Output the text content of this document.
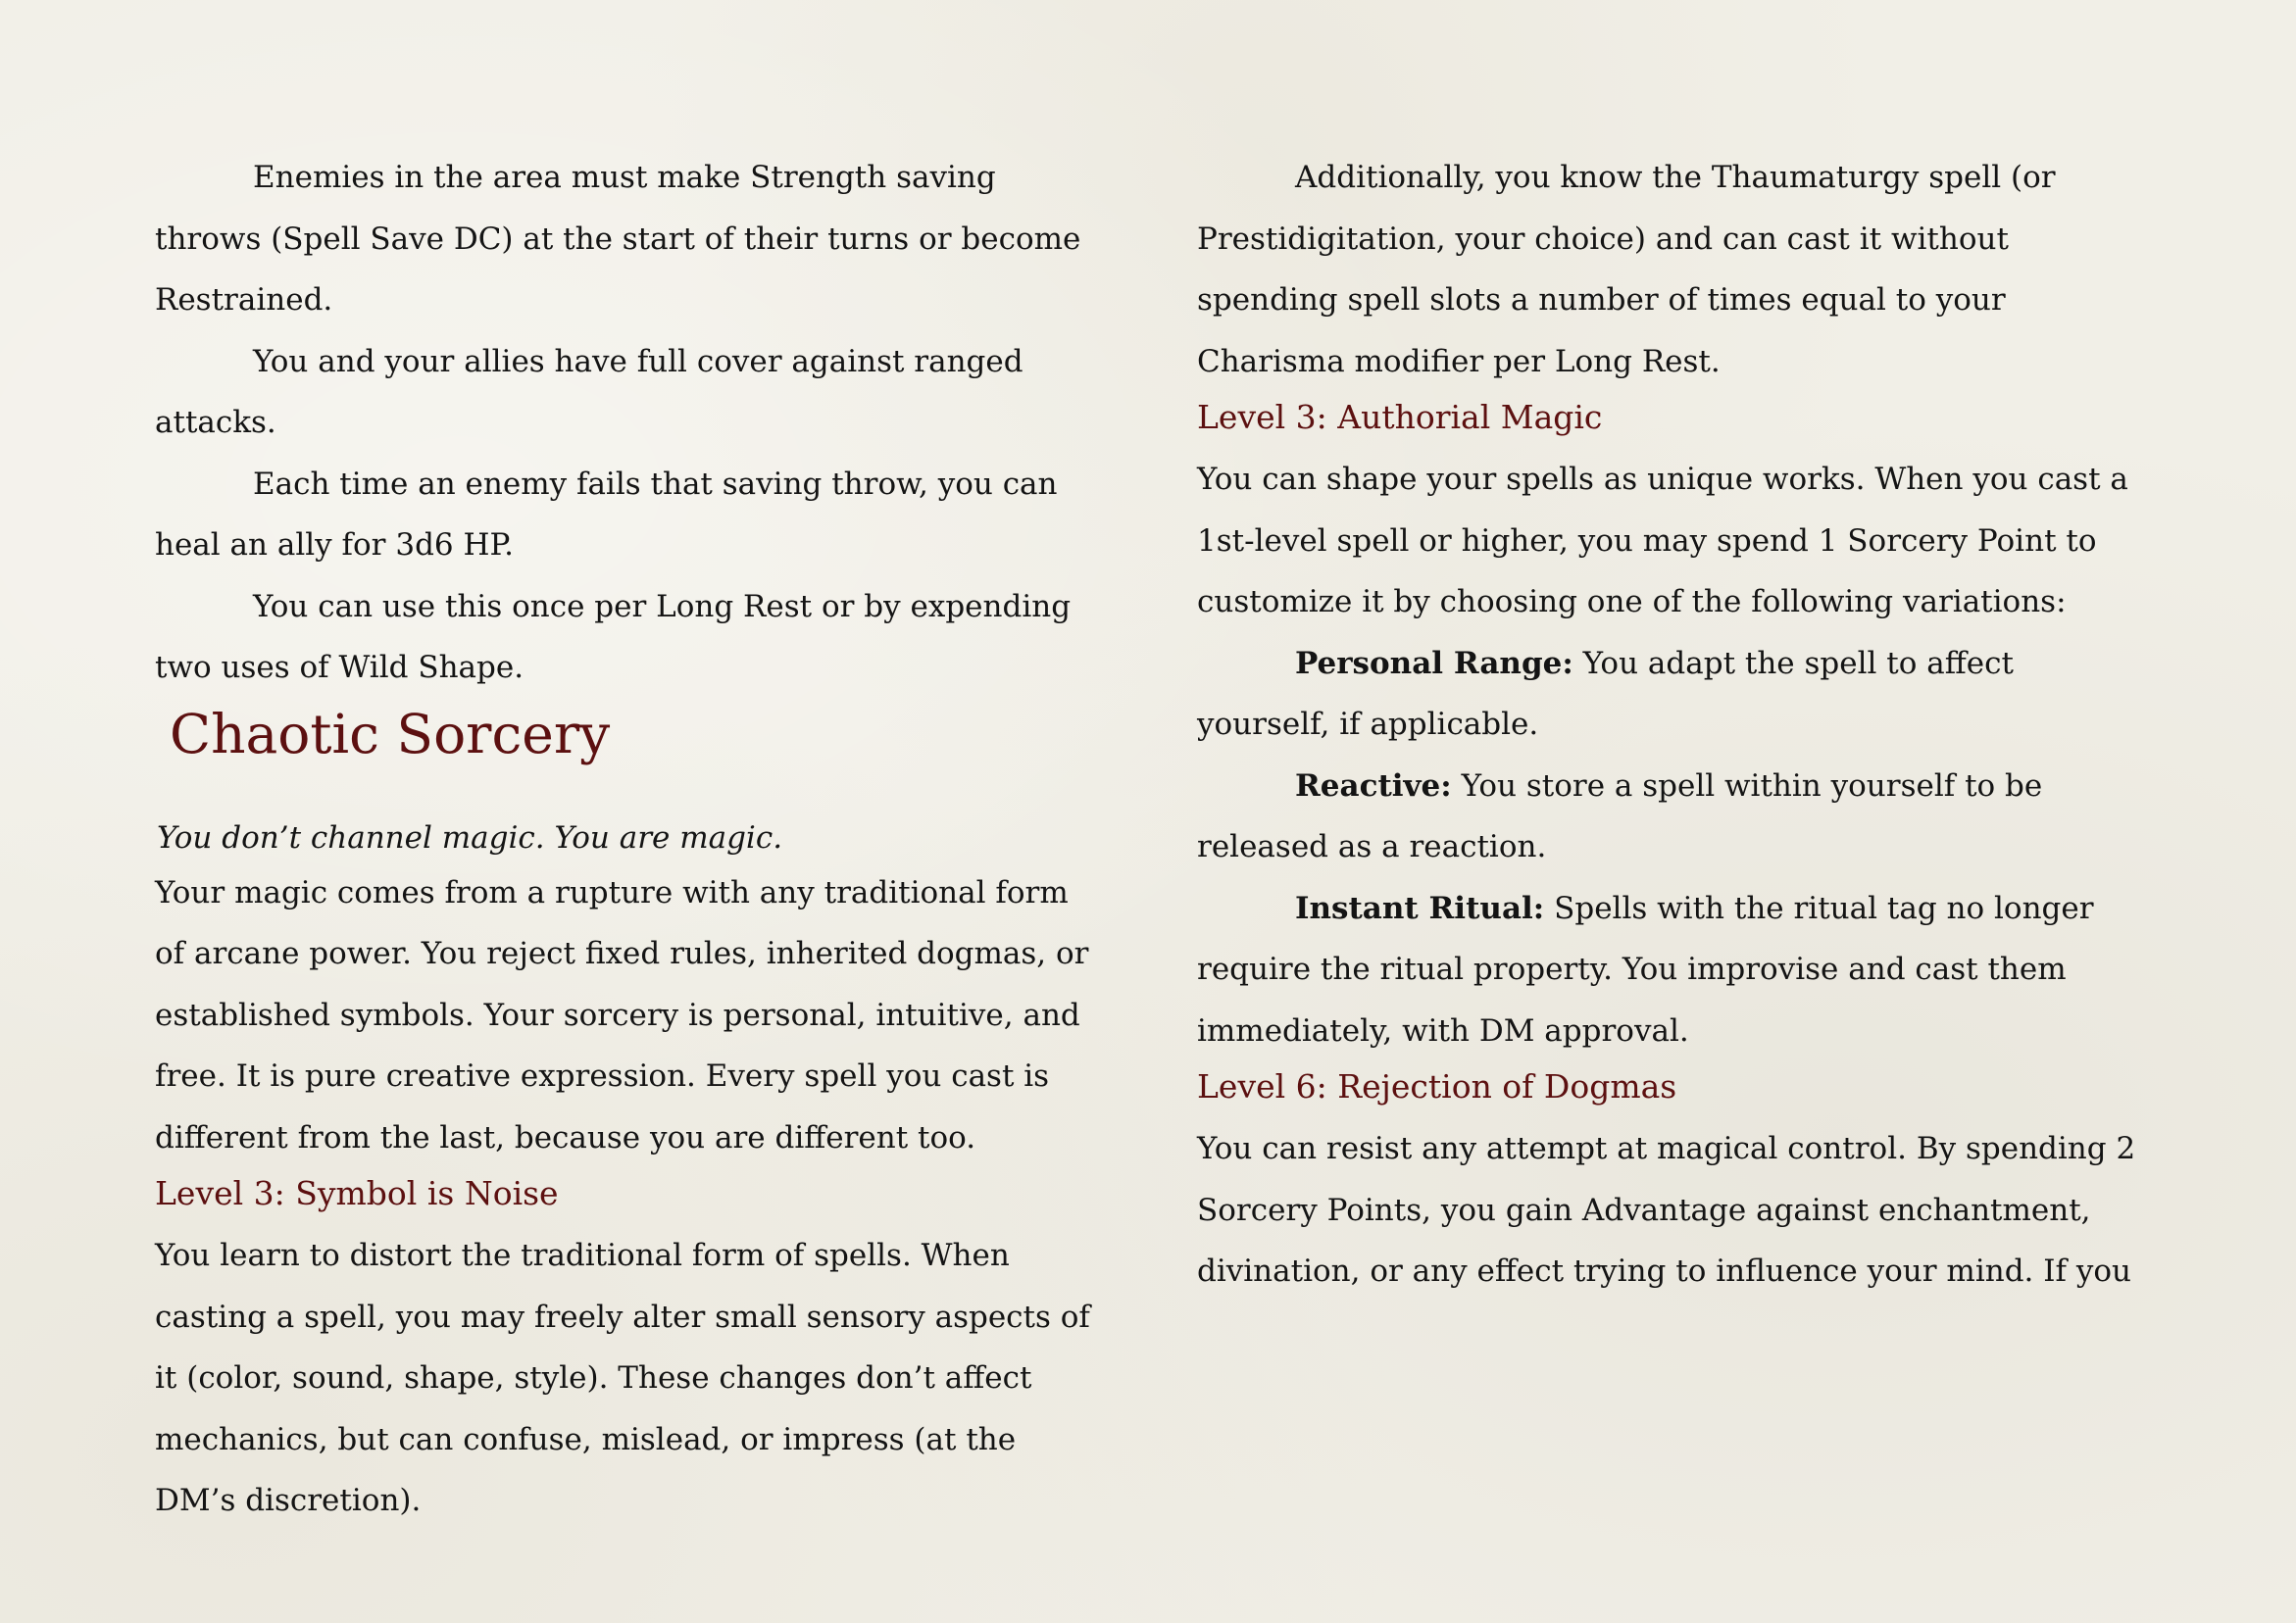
Enemies in the area must make Strength saving throws (Spell Save DC) at the start of their turns or become Restrained.

You and your allies have full cover against ranged attacks.

Each time an enemy fails that saving throw, you can heal an ally for 3d6 HP.

You can use this once per Long Rest or by expending two uses of Wild Shape.

Chaotic Sorcery
You don’t channel magic. You are magic.

Your magic comes from a rupture with any traditional form of arcane power. You reject fixed rules, inherited dogmas, or established symbols. Your sorcery is personal, intuitive, and free. It is pure creative expression. Every spell you cast is different from the last, because you are different too.

Level 3: Symbol is Noise

You learn to distort the traditional form of spells. When casting a spell, you may freely alter small sensory aspects of it (color, sound, shape, style). These changes don’t affect mechanics, but can confuse, mislead, or impress (at the DM’s discretion).

Additionally, you know the Thaumaturgy spell (or Prestidigitation, your choice) and can cast it without spending spell slots a number of times equal to your Charisma modifier per Long Rest.

Level 3: Authorial Magic

You can shape your spells as unique works. When you cast a 1st-level spell or higher, you may spend 1 Sorcery Point to customize it by choosing one of the following variations:

Personal Range: You adapt the spell to affect yourself, if applicable.

Reactive: You store a spell within yourself to be released as a reaction.

Instant Ritual: Spells with the ritual tag no longer require the ritual property. You improvise and cast them immediately, with DM approval.

Level 6: Rejection of Dogmas

You can resist any attempt at magical control. By spending 2 Sorcery Points, you gain Advantage against enchantment, divination, or any effect trying to influence your mind. If you
